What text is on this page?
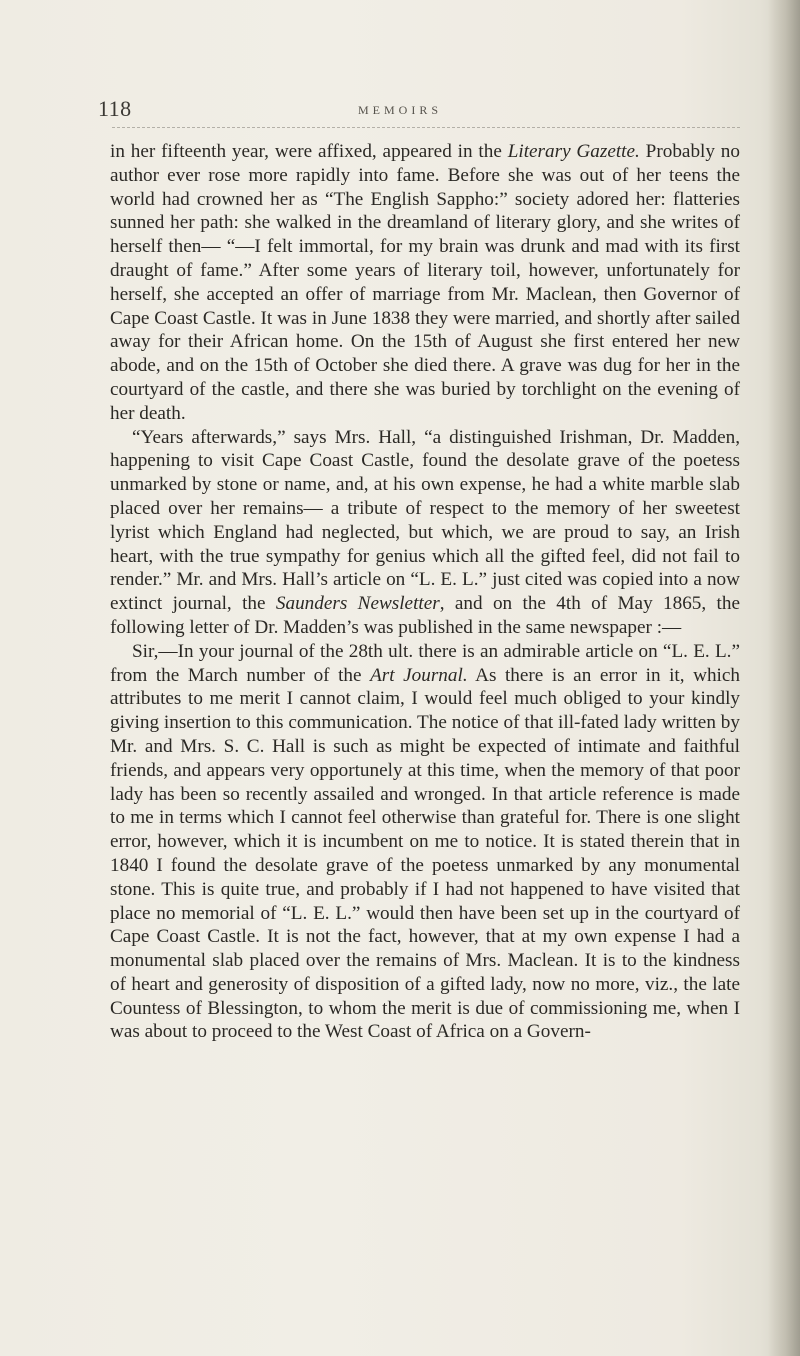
118	MEMOIRS

in her fifteenth year, were affixed, appeared in the Literary Gazette. Probably no author ever rose more rapidly into fame. Before she was out of her teens the world had crowned her as “The English Sappho:” society adored her: flatteries sunned her path: she walked in the dreamland of literary glory, and she writes of herself then— “—I felt immortal, for my brain was drunk and mad with its first draught of fame.” After some years of literary toil, however, unfortunately for herself, she accepted an offer of marriage from Mr. Maclean, then Governor of Cape Coast Castle. It was in June 1838 they were married, and shortly after sailed away for their African home. On the 15th of August she first entered her new abode, and on the 15th of October she died there. A grave was dug for her in the courtyard of the castle, and there she was buried by torchlight on the evening of her death.

“Years afterwards,” says Mrs. Hall, “a distinguished Irishman, Dr. Madden, happening to visit Cape Coast Castle, found the desolate grave of the poetess unmarked by stone or name, and, at his own expense, he had a white marble slab placed over her remains— a tribute of respect to the memory of her sweetest lyrist which England had neglected, but which, we are proud to say, an Irish heart, with the true sympathy for genius which all the gifted feel, did not fail to render.” Mr. and Mrs. Hall’s article on “L. E. L.” just cited was copied into a now extinct journal, the Saunders Newsletter, and on the 4th of May 1865, the following letter of Dr. Madden’s was published in the same newspaper :—

Sir,—In your journal of the 28th ult. there is an admirable article on “L. E. L.” from the March number of the Art Journal. As there is an error in it, which attributes to me merit I cannot claim, I would feel much obliged to your kindly giving insertion to this communication. The notice of that ill-fated lady written by Mr. and Mrs. S. C. Hall is such as might be expected of intimate and faithful friends, and appears very opportunely at this time, when the memory of that poor lady has been so recently assailed and wronged. In that article reference is made to me in terms which I cannot feel otherwise than grateful for. There is one slight error, however, which it is incumbent on me to notice. It is stated therein that in 1840 I found the desolate grave of the poetess unmarked by any monumental stone. This is quite true, and probably if I had not happened to have visited that place no memorial of “L. E. L.” would then have been set up in the courtyard of Cape Coast Castle. It is not the fact, however, that at my own expense I had a monumental slab placed over the remains of Mrs. Maclean. It is to the kindness of heart and generosity of disposition of a gifted lady, now no more, viz., the late Countess of Blessington, to whom the merit is due of commissioning me, when I was about to proceed to the West Coast of Africa on a Govern-
